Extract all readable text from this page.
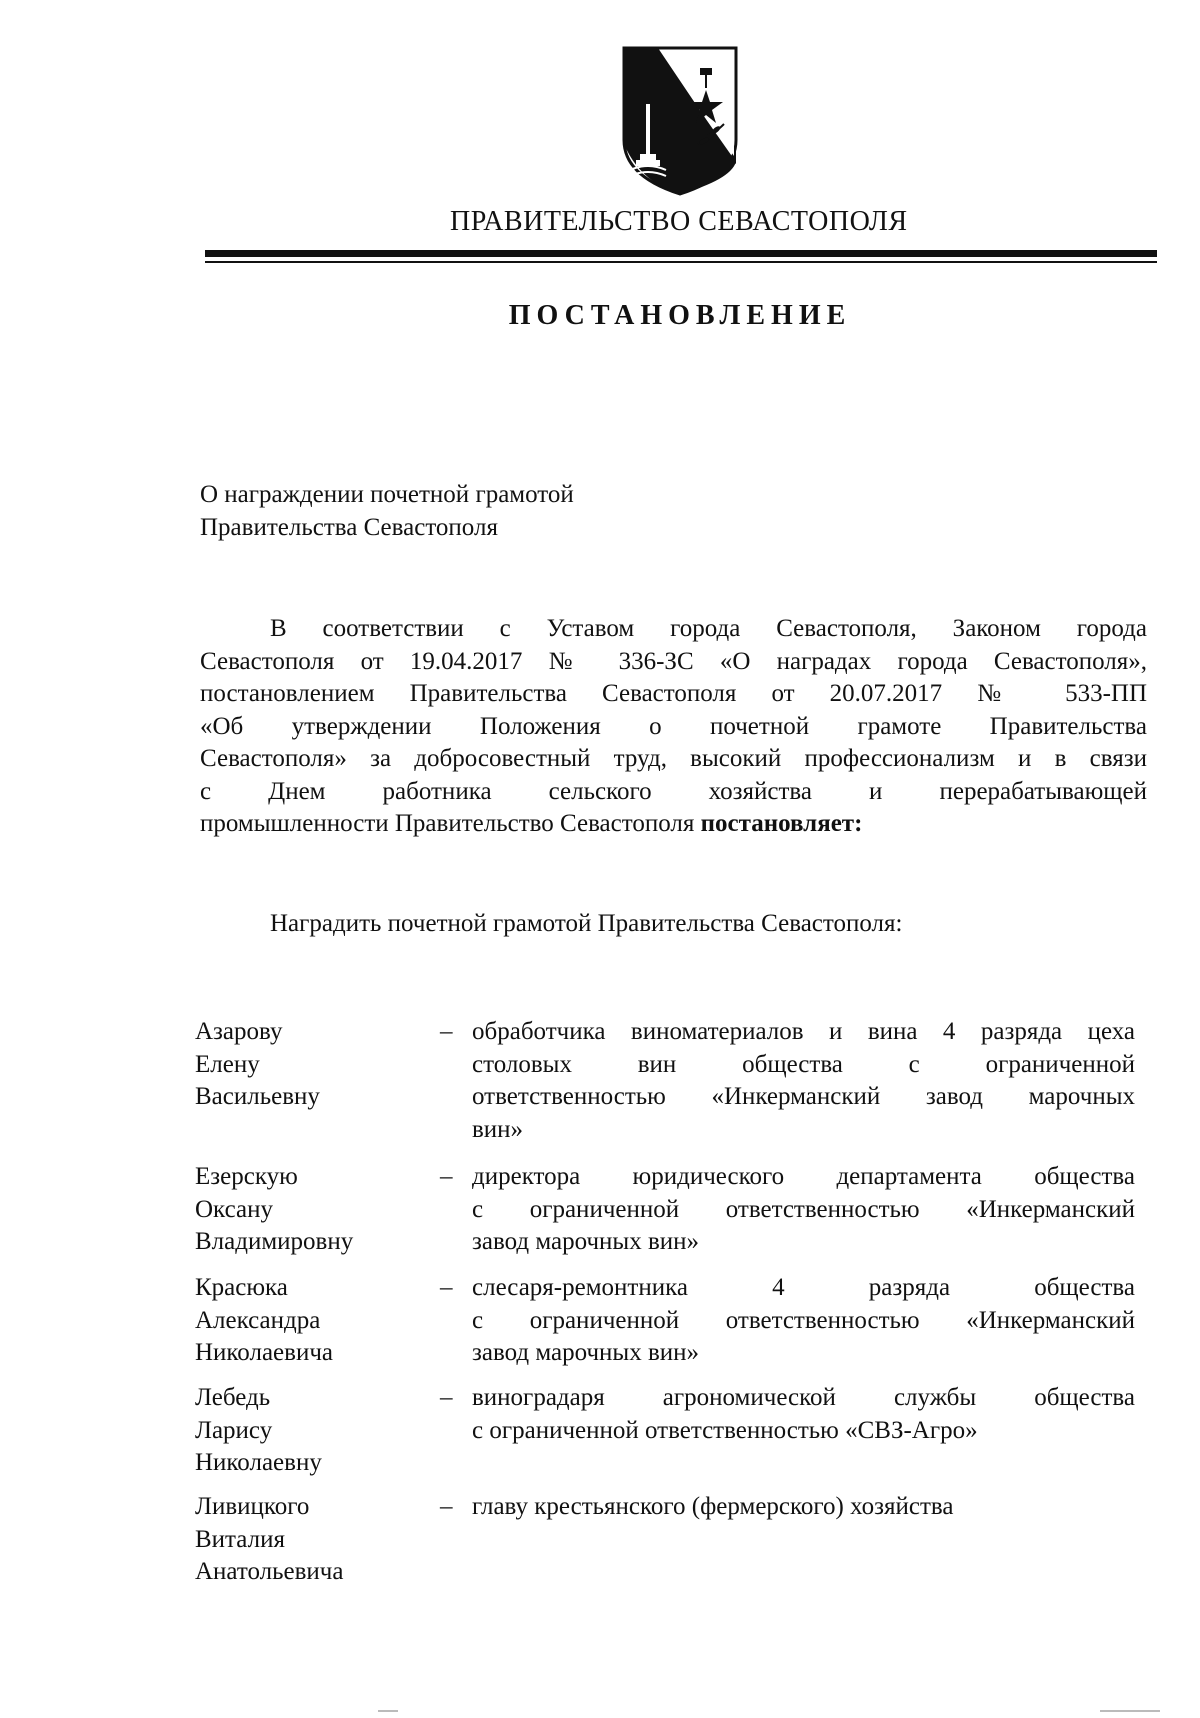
ПРАВИТЕЛЬСТВО СЕВАСТОПОЛЯ
ПОСТАНОВЛЕНИЕ
О награждении почетной грамотой
Правительства Севастополя
В соответствии с Уставом города Севастополя, Законом города
Севастополя от 19.04.2017 № 336-ЗС «О наградах города Севастополя»,
постановлением Правительства Севастополя от 20.07.2017 № 533-ПП
«Об утверждении Положения о почетной грамоте Правительства
Севастополя» за добросовестный труд, высокий профессионализм и в связи
с Днем работника сельского хозяйства и перерабатывающей
промышленности Правительство Севастополя постановляет:
Наградить почетной грамотой Правительства Севастополя:
Азарову
Елену
Васильевну
– обработчика виноматериалов и вина 4 разряда цеха
столовых вин общества с ограниченной
ответственностью «Инкерманский завод марочных
вин»
Езерскую
Оксану
Владимировну
– директора юридического департамента общества
с ограниченной ответственностью «Инкерманский
завод марочных вин»
Красюка
Александра
Николаевича
– слесаря-ремонтника 4 разряда общества
с ограниченной ответственностью «Инкерманский
завод марочных вин»
Лебедь
Ларису
Николаевну
– виноградаря агрономической службы общества
с ограниченной ответственностью «СВЗ-Агро»
Ливицкого
Виталия
Анатольевича
– главу крестьянского (фермерского) хозяйства
